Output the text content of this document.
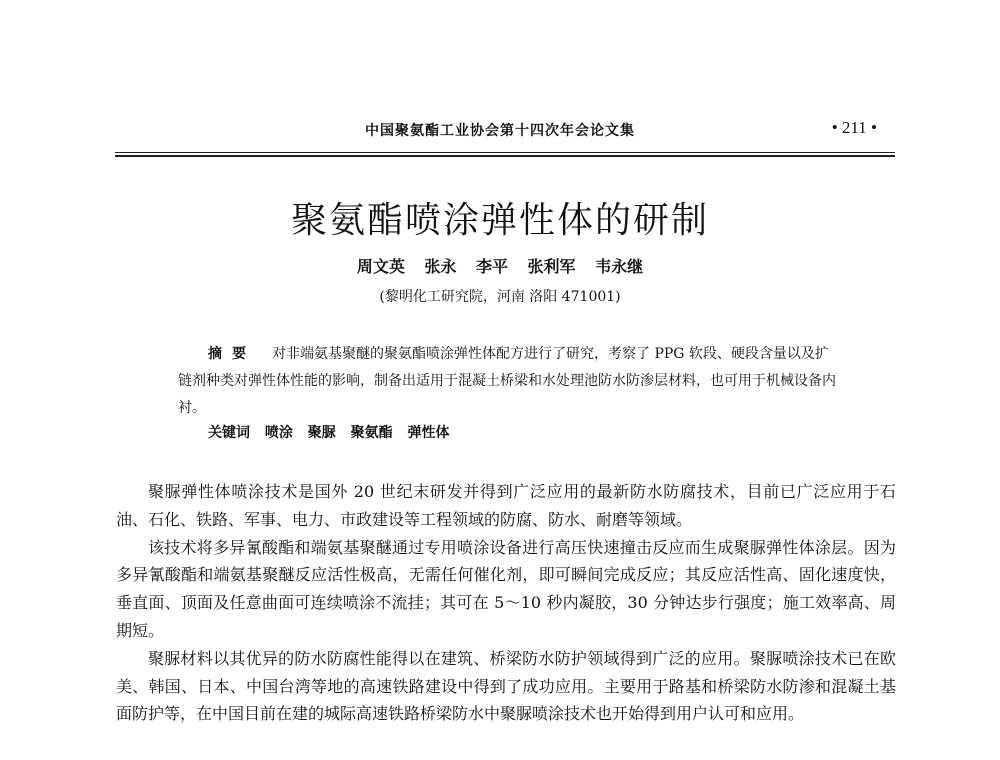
中国聚氨酯工业协会第十四次年会论文集	• 211 •
聚氨酯喷涂弹性体的研制
周文英 张永 李平 张利军 韦永继
(黎明化工研究院，河南 洛阳 471001)

摘要 对非端氨基聚醚的聚氨酯喷涂弹性体配方进行了研究，考察了 PPG 软段、硬段含量以及扩链剂种类对弹性体性能的影响，制备出适用于混凝土桥梁和水处理池防水防渗层材料，也可用于机械设备内衬。

关键词 喷涂 聚脲 聚氨酯 弹性体

聚脲弹性体喷涂技术是国外 20 世纪末研发并得到广泛应用的最新防水防腐技术，目前已广泛应用于石油、石化、铁路、军事、电力、市政建设等工程领域的防腐、防水、耐磨等领域。

该技术将多异氰酸酯和端氨基聚醚通过专用喷涂设备进行高压快速撞击反应而生成聚脲弹性体涂层。因为多异氰酸酯和端氨基聚醚反应活性极高，无需任何催化剂，即可瞬间完成反应；其反应活性高、固化速度快，垂直面、顶面及任意曲面可连续喷涂不流挂；其可在 5～10 秒内凝胶，30 分钟达步行强度；施工效率高、周期短。

聚脲材料以其优异的防水防腐性能得以在建筑、桥梁防水防护领域得到广泛的应用。聚脲喷涂技术已在欧美、韩国、日本、中国台湾等地的高速铁路建设中得到了成功应用。主要用于路基和桥梁防水防渗和混凝土基面防护等，在中国目前在建的城际高速铁路桥梁防水中聚脲喷涂技术也开始得到用户认可和应用。
